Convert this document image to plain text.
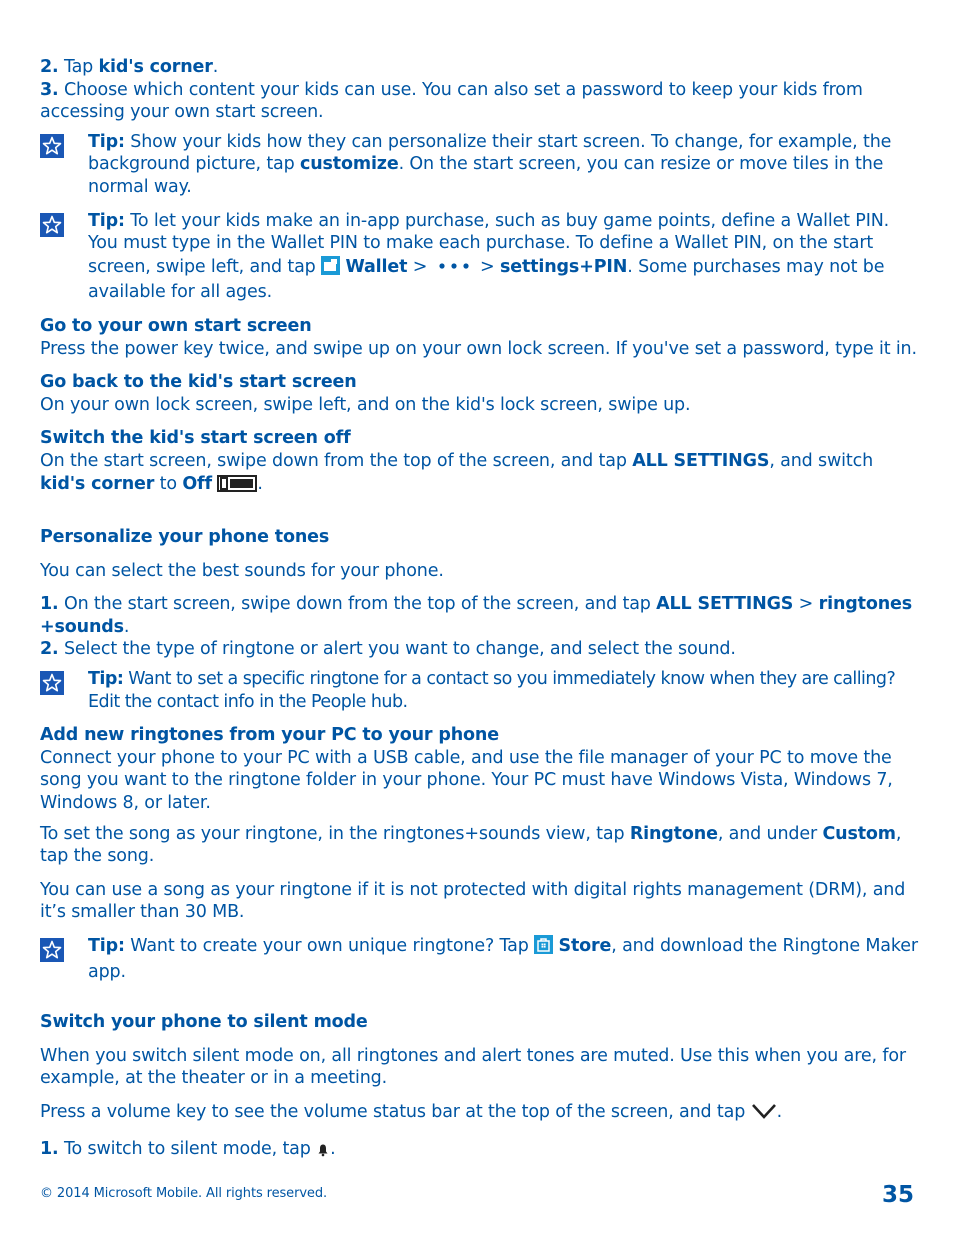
2. Tap kid's corner.

3. Choose which content your kids can use. You can also set a password to keep your kids from accessing your own start screen.

Tip: Show your kids how they can personalize their start screen. To change, for example, the background picture, tap customize. On the start screen, you can resize or move tiles in the normal way.

Tip: To let your kids make an in-app purchase, such as buy game points, define a Wallet PIN. You must type in the Wallet PIN to make each purchase. To define a Wallet PIN, on the start screen, swipe left, and tap  Wallet >  > settings+PIN. Some purchases may not be available for all ages.

Go to your own start screen

Press the power key twice, and swipe up on your own lock screen. If you've set a password, type it in.

Go back to the kid's start screen

On your own lock screen, swipe left, and on the kid's lock screen, swipe up.

Switch the kid's start screen off

On the start screen, swipe down from the top of the screen, and tap ALL SETTINGS, and switch kid's corner to Off	.

Personalize your phone tones

You can select the best sounds for your phone.

1. On the start screen, swipe down from the top of the screen, and tap ALL SETTINGS > ringtones +sounds.

2. Select the type of ringtone or alert you want to change, and select the sound.

Tip: Want to set a specific ringtone for a contact so you immediately know when they are calling? Edit the contact info in the People hub.

Add new ringtones from your PC to your phone

Connect your phone to your PC with a USB cable, and use the file manager of your PC to move the song you want to the ringtone folder in your phone. Your PC must have Windows Vista, Windows 7, Windows 8, or later.

To set the song as your ringtone, in the ringtones+sounds view, tap Ringtone, and under Custom, tap the song.

You can use a song as your ringtone if it is not protected with digital rights management (DRM), and it’s smaller than 30 MB.

Tip: Want to create your own unique ringtone? Tap  Store, and download the Ringtone Maker app.

Switch your phone to silent mode

When you switch silent mode on, all ringtones and alert tones are muted. Use this when you are, for example, at the theater or in a meeting.

Press a volume key to see the volume status bar at the top of the screen, and tap .

1. To switch to silent mode, tap .

© 2014 Microsoft Mobile. All rights reserved.	35
